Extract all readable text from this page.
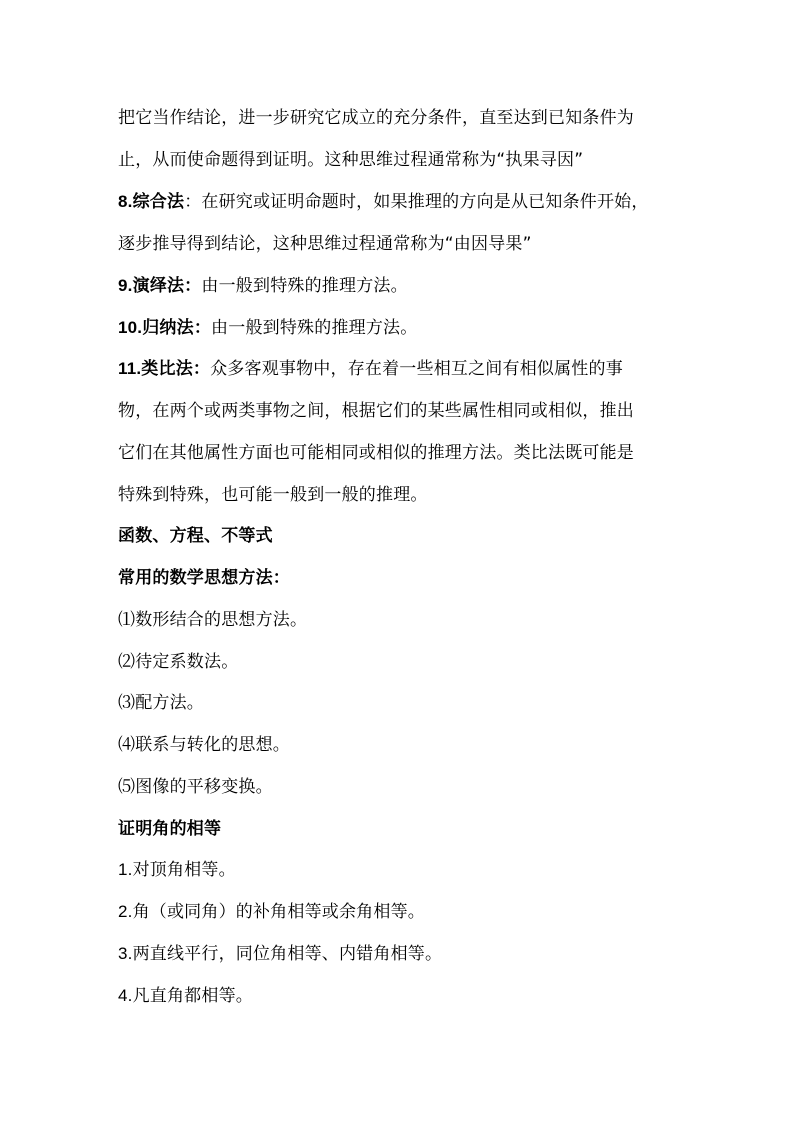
把它当作结论，进一步研究它成立的充分条件，直至达到已知条件为
止，从而使命题得到证明。这种思维过程通常称为“执果寻因”
8.综合法：在研究或证明命题时，如果推理的方向是从已知条件开始，
逐步推导得到结论，这种思维过程通常称为“由因导果”
9.演绎法：由一般到特殊的推理方法。
10.归纳法：由一般到特殊的推理方法。
11.类比法：众多客观事物中，存在着一些相互之间有相似属性的事
物，在两个或两类事物之间，根据它们的某些属性相同或相似，推出
它们在其他属性方面也可能相同或相似的推理方法。类比法既可能是
特殊到特殊，也可能一般到一般的推理。
函数、方程、不等式
常用的数学思想方法：
⑴数形结合的思想方法。
⑵待定系数法。
⑶配方法。
⑷联系与转化的思想。
⑸图像的平移变换。
证明角的相等
1.对顶角相等。
2.角（或同角）的补角相等或余角相等。
3.两直线平行，同位角相等、内错角相等。
4.凡直角都相等。
